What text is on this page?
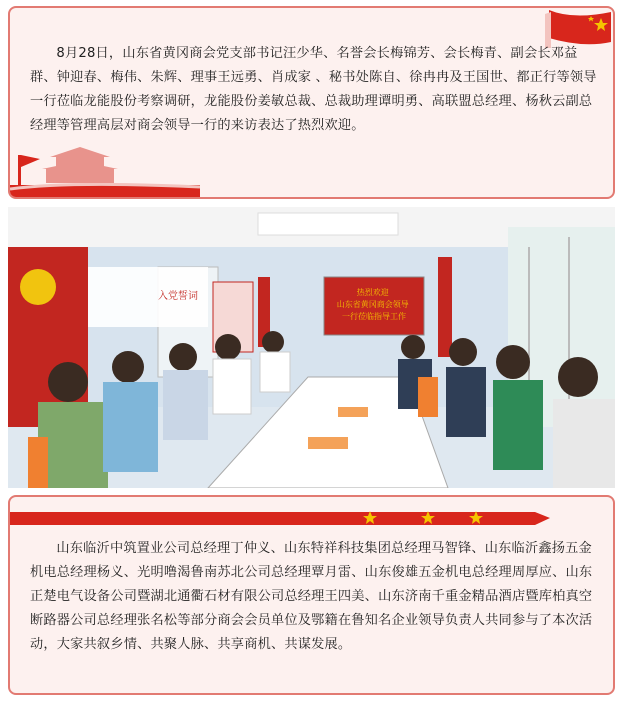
8月28日，山东省黄冈商会党支部书记汪少华、名誉会长梅锦芳、会长梅青、副会长邓益群、钟迎春、梅伟、朱辉、理事王远勇、肖成家 、秘书处陈自、徐冉冉及王国世、都正行等领导一行莅临龙能股份考察调研，龙能股份姜敏总裁、总裁助理谭明勇、高联盟总经理、杨秋云副总经理等管理高层对商会领导一行的来访表达了热烈欢迎。
入党誓词	热烈欢迎 山东省黄冈商会领导 一行莅临指导工作
山东临沂中筑置业公司总经理丁仲义、山东特祥科技集团总经理马智锋、山东临沂鑫扬五金机电总经理杨义、光明噜渴鲁南苏北公司总经理覃月雷、山东俊雄五金机电总经理周厚应、山东正楚电气设备公司暨湖北通衢石材有限公司总经理王四美、山东济南千重金精品酒店暨库柏真空断路器公司总经理张名松等部分商会会员单位及鄂籍在鲁知名企业领导负责人共同参与了本次活动，大家共叙乡情、共聚人脉、共享商机、共谋发展。
